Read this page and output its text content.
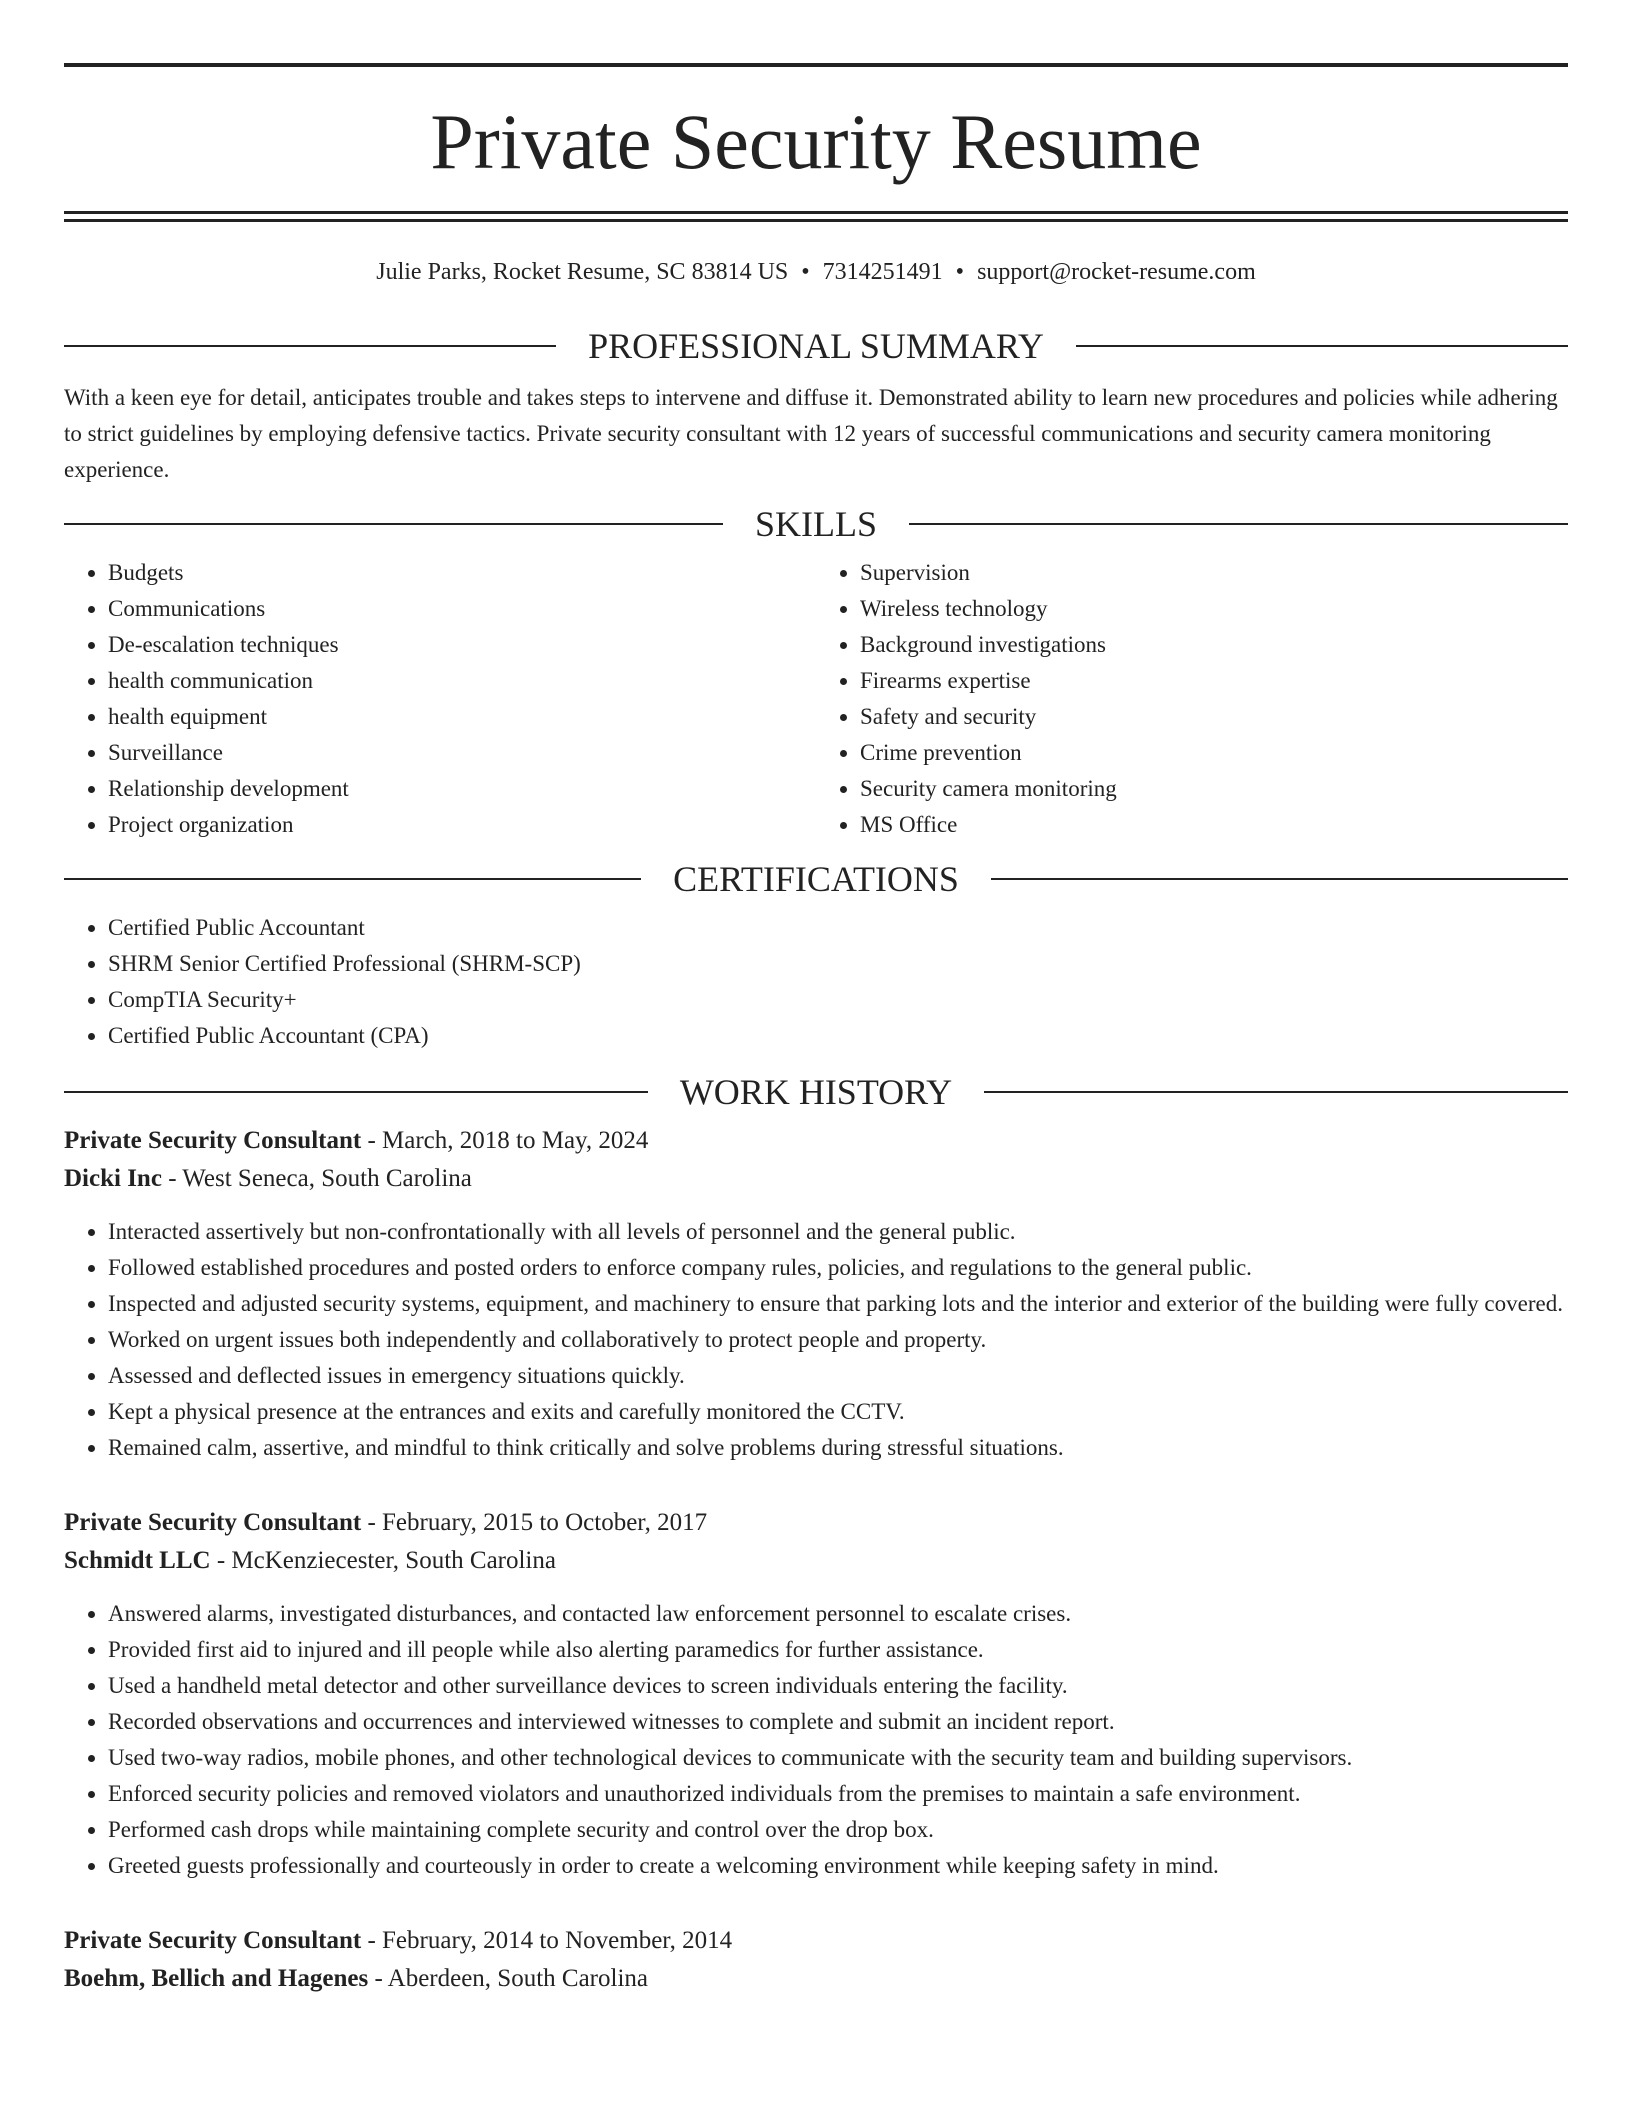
Private Security Resume
Julie Parks, Rocket Resume, SC 83814 US • 7314251491 • support@rocket-resume.com
PROFESSIONAL SUMMARY

With a keen eye for detail, anticipates trouble and takes steps to intervene and diffuse it. Demonstrated ability to learn new procedures and policies while adhering to strict guidelines by employing defensive tactics. Private security consultant with 12 years of successful communications and security camera monitoring experience.

SKILLS
• Budgets
• Communications
• De-escalation techniques
• health communication
• health equipment
• Surveillance
• Relationship development
• Project organization
• Supervision
• Wireless technology
• Background investigations
• Firearms expertise
• Safety and security
• Crime prevention
• Security camera monitoring
• MS Office
CERTIFICATIONS
• Certified Public Accountant
• SHRM Senior Certified Professional (SHRM-SCP)
• CompTIA Security+
• Certified Public Accountant (CPA)
WORK HISTORY

Private Security Consultant - March, 2018 to May, 2024

Dicki Inc - West Seneca, South Carolina

• Interacted assertively but non-confrontationally with all levels of personnel and the general public.
• Followed established procedures and posted orders to enforce company rules, policies, and regulations to the general public.
• Inspected and adjusted security systems, equipment, and machinery to ensure that parking lots and the interior and exterior of the building were fully covered.
• Worked on urgent issues both independently and collaboratively to protect people and property.
• Assessed and deflected issues in emergency situations quickly.
• Kept a physical presence at the entrances and exits and carefully monitored the CCTV.
• Remained calm, assertive, and mindful to think critically and solve problems during stressful situations.

Private Security Consultant - February, 2015 to October, 2017

Schmidt LLC - McKenziecester, South Carolina

• Answered alarms, investigated disturbances, and contacted law enforcement personnel to escalate crises.
• Provided first aid to injured and ill people while also alerting paramedics for further assistance.
• Used a handheld metal detector and other surveillance devices to screen individuals entering the facility.
• Recorded observations and occurrences and interviewed witnesses to complete and submit an incident report.
• Used two-way radios, mobile phones, and other technological devices to communicate with the security team and building supervisors.
• Enforced security policies and removed violators and unauthorized individuals from the premises to maintain a safe environment.
• Performed cash drops while maintaining complete security and control over the drop box.
• Greeted guests professionally and courteously in order to create a welcoming environment while keeping safety in mind.

Private Security Consultant - February, 2014 to November, 2014

Boehm, Bellich and Hagenes - Aberdeen, South Carolina
